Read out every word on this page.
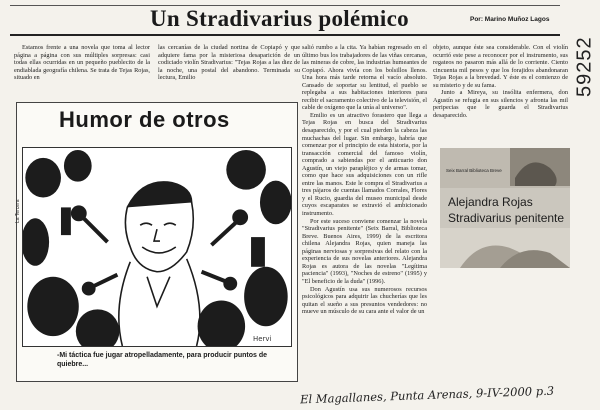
Un Stradivarius polémico	Por: Marino Muñoz Lagos
59252

Estamos frente a una novela que toma al lector página a página con sus múltiples sorpresas: casi todas ellas ocurridas en un pequeño pueblecito de la endiablada geografía chilena. Se trata de Tejas Rojas, situado en

las cercanías de la ciudad nortina de Copiapó y que adquiere fama por la misteriosa desaparición de un codiciado violín Stradivarius: "Tejas Rojas a las diez de la noche, una postal del abandono. Terminada su lectura, Emilio

salió rumbo a la cita. Ya habían regresado en el último bus los trabajadores de las viñas cercanas, las mineras de cobre, las industrias humeantes de Copiapó. Ahora vivía con los bolsillos llenos. Una hora más tarde retorna el vacío absoluto. Cansado de soportar su lentitud, el pueblo se replegaba a sus habitaciones interiores para recibir el sacramento colectivo de la televisión, el cable de oxígeno que la unía al universo".

Emilio es un atractivo forastero que llega a Tejas Rojas en busca del Stradivarius desaparecido, y por el cual pierden la cabeza las muchachas del lugar. Sin embargo, habría que comenzar por el principio de esta historia, por la transacción comercial del famoso violín, comprado a sabiendas por el anticuario don Agustín, un viejo parapléjico y de armas tomar, como que hace sus adquisiciones con un rifle entre las manos. Este le compra el Stradivarius a tres pájaros de cuentas llamados Corrales, Flores y el Rucio, guardia del museo municipal desde cuyos escaparates se extravió el ambicionado instrumento.

Por este suceso conviene comenzar la novela "Stradivarius penitente" (Seix Barral, Biblioteca Breve. Buenos Aires, 1999) de la escritora chilena Alejandra Rojas, quien maneja las páginas nerviosas y sorpresivas del relato con la experiencia de sus novelas anteriores. Alejandra Rojas es autora de las novelas "Legítima paciencia" (1993), "Noches de estreno" (1995) y "El beneficio de la duda" (1996).

Don Agustín usa sus numerosos recursos psicológicos para adquirir las chucherías que les quitan el sueño a sus presuntos vendedores: no mueve un músculo de su cara ante el valor de un

objeto, aunque éste sea considerable. Con el violín ocurrió este pese a reconocer por el instrumento, sus regateos no pasaron más allá de lo corriente. Ciento cincuenta mil pesos y que los forajidos abandonaran Tejas Rojas a la brevedad. Y éste es el comienzo de su misterio y de su fama.

Junto a Mireya, su insólita enfermera, don Agustín se refugia en sus silencios y afronta las mil peripecias que le guarda el Stradivarius desaparecido.

Humor de otros
Hervi
La Tercera
-Mi táctica fue jugar atropelladamente, para producir puntos de quiebre...
Seix Barral Biblioteca Breve
Alejandra Rojas
Stradivarius penitente
El Magallanes, Punta Arenas, 9-IV-2000 p.3
